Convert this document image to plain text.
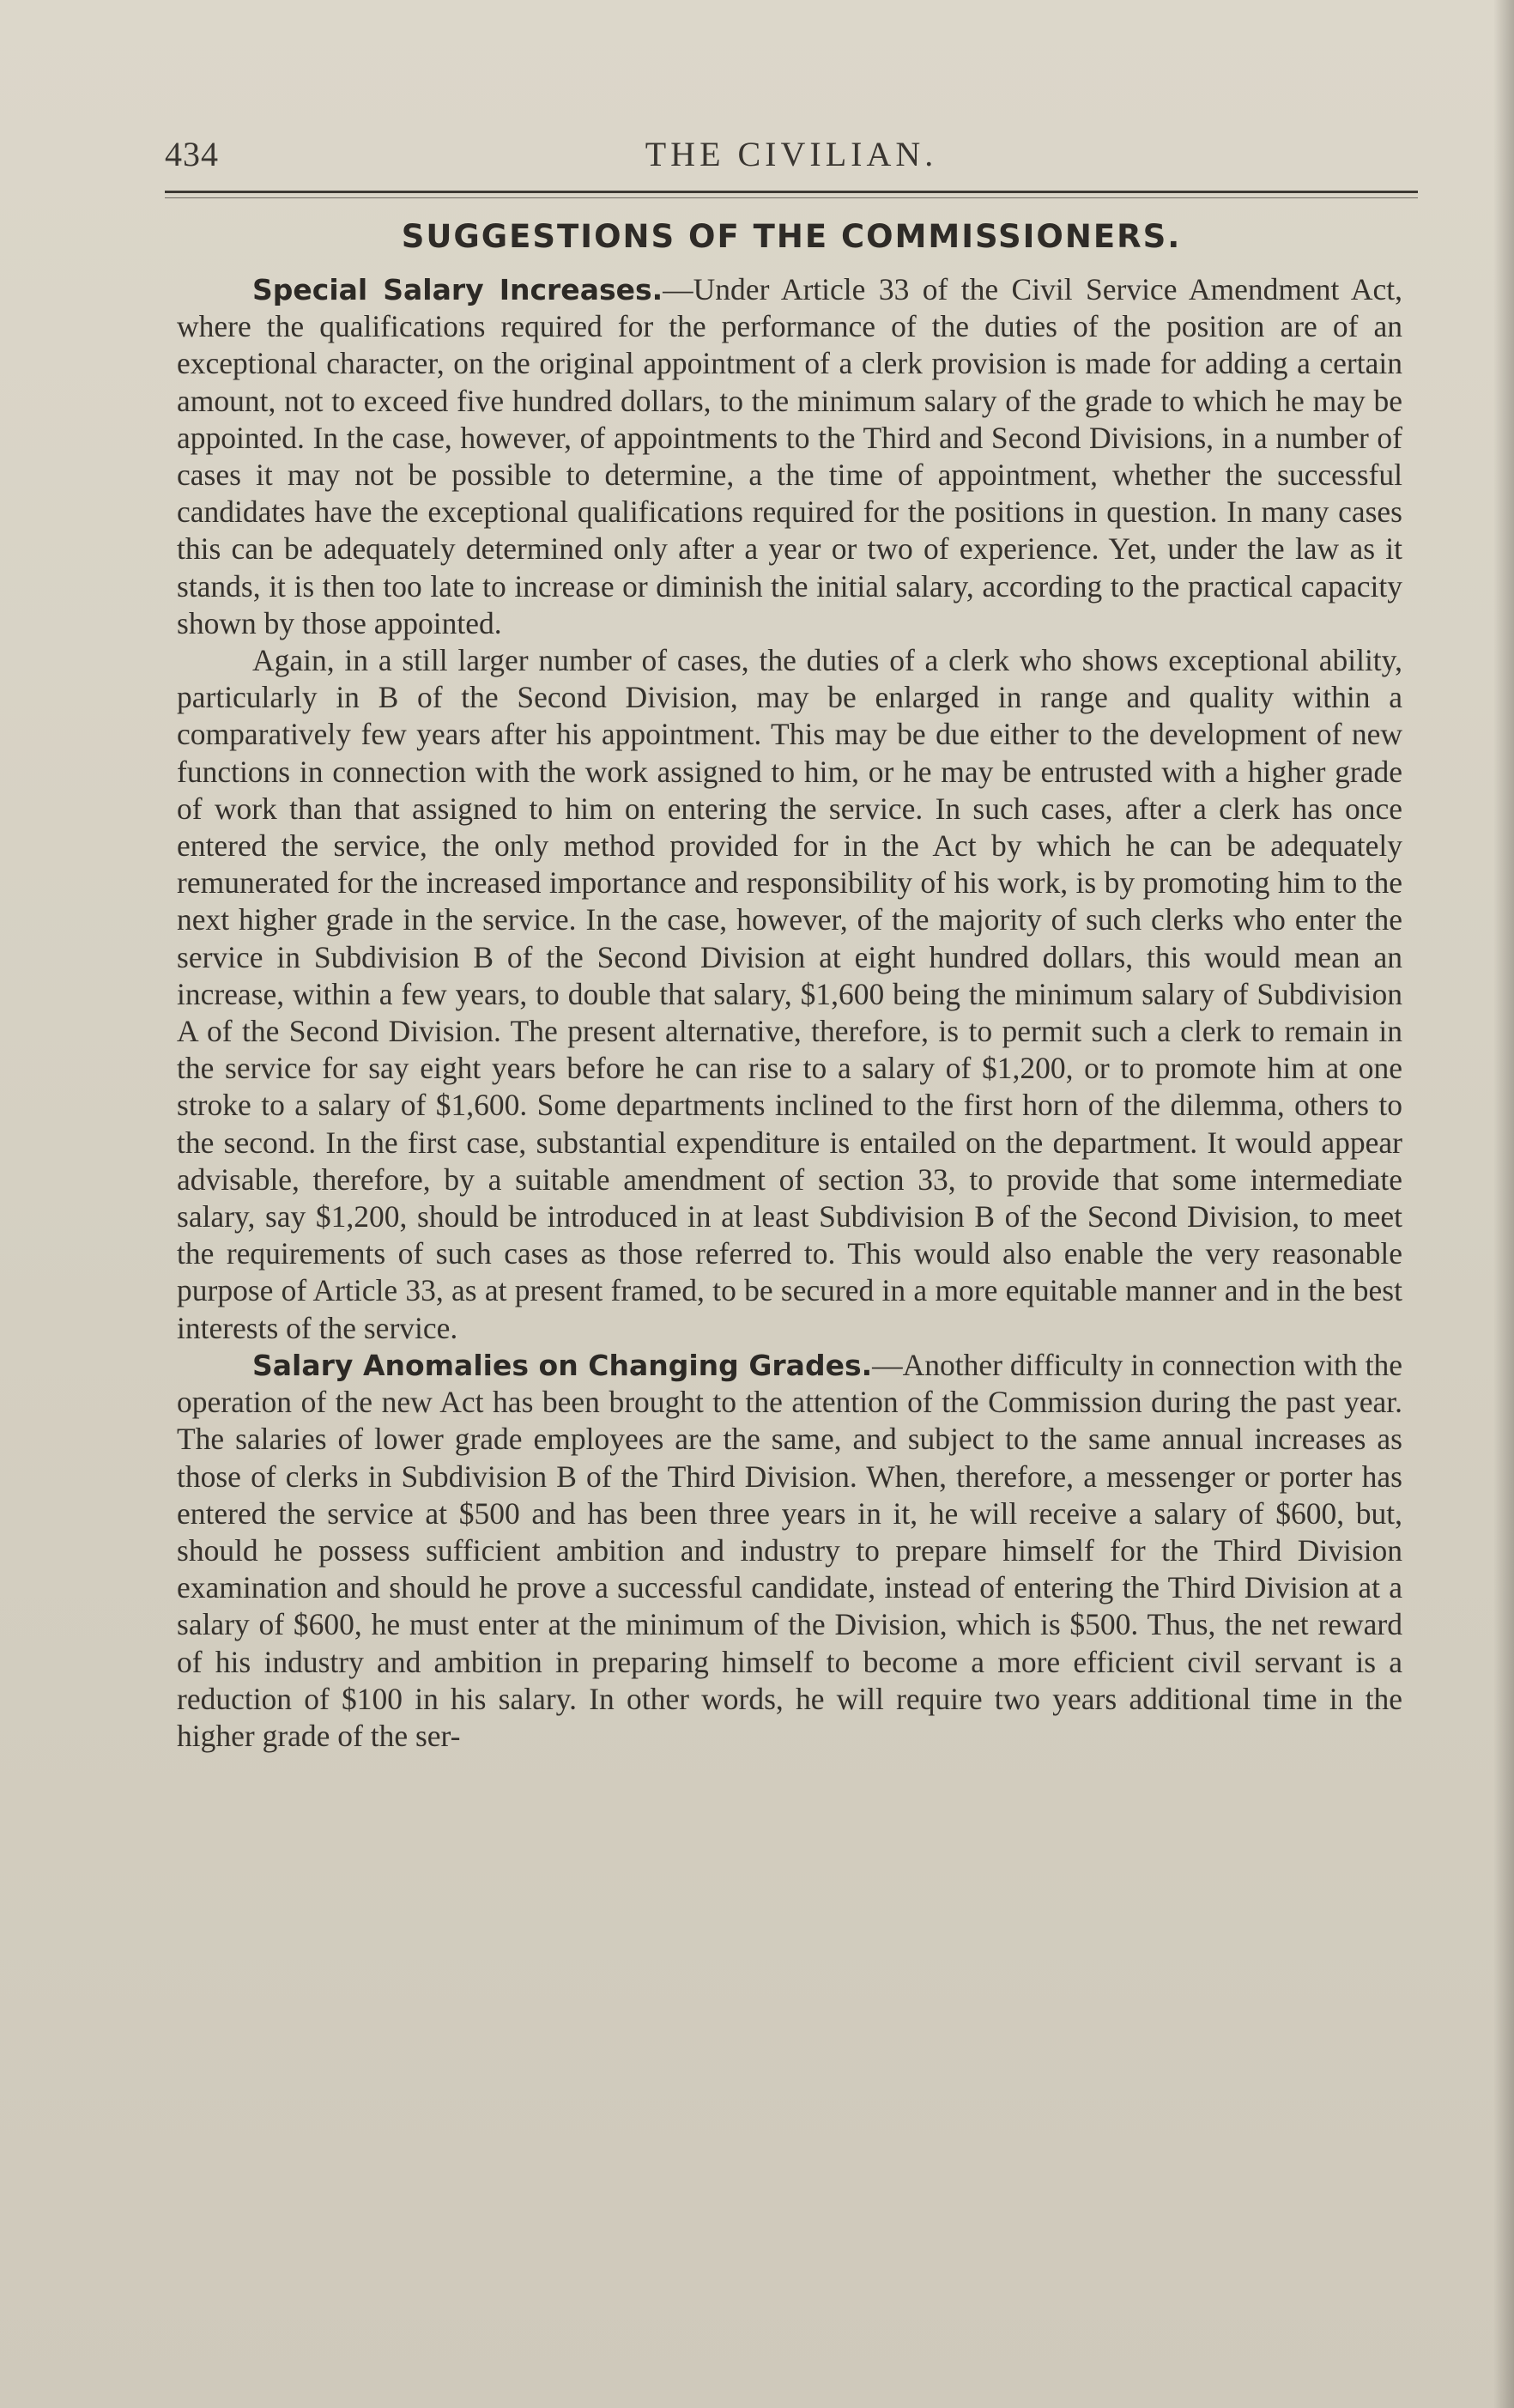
434	THE CIVILIAN.
SUGGESTIONS OF THE COMMISSIONERS.

Special Salary Increases.—Under Article 33 of the Civil Service Amendment Act, where the qualifications required for the performance of the duties of the position are of an exceptional character, on the original appointment of a clerk provision is made for adding a certain amount, not to exceed five hundred dollars, to the minimum salary of the grade to which he may be appointed. In the case, however, of appointments to the Third and Second Divisions, in a number of cases it may not be possible to determine, a the time of appointment, whether the successful candidates have the exceptional qualifications required for the positions in question. In many cases this can be adequately determined only after a year or two of experience. Yet, under the law as it stands, it is then too late to increase or diminish the initial salary, according to the practical capacity shown by those appointed.

Again, in a still larger number of cases, the duties of a clerk who shows exceptional ability, particularly in B of the Second Division, may be enlarged in range and quality within a comparatively few years after his appointment. This may be due either to the development of new functions in connection with the work assigned to him, or he may be entrusted with a higher grade of work than that assigned to him on entering the service. In such cases, after a clerk has once entered the service, the only method provided for in the Act by which he can be adequately remunerated for the increased importance and responsibility of his work, is by promoting him to the next higher grade in the service. In the case, however, of the majority of such clerks who enter the service in Subdivision B of the Second Division at eight hundred dollars, this would mean an increase, within a few years, to double that salary, $1,600 being the minimum salary of Subdivision A of the Second Division. The present alternative, therefore, is to permit such a clerk to remain in the service for say eight years before he can rise to a salary of $1,200, or to promote him at one stroke to a salary of $1,600. Some departments inclined to the first horn of the dilemma, others to the second. In the first case, substantial expenditure is entailed on the department. It would appear advisable, therefore, by a suitable amendment of section 33, to provide that some intermediate salary, say $1,200, should be introduced in at least Subdivision B of the Second Division, to meet the requirements of such cases as those referred to. This would also enable the very reasonable purpose of Article 33, as at present framed, to be secured in a more equitable manner and in the best interests of the service.

Salary Anomalies on Changing Grades.—Another difficulty in connection with the operation of the new Act has been brought to the attention of the Commission during the past year. The salaries of lower grade employees are the same, and subject to the same annual increases as those of clerks in Subdivision B of the Third Division. When, therefore, a messenger or porter has entered the service at $500 and has been three years in it, he will receive a salary of $600, but, should he possess sufficient ambition and industry to prepare himself for the Third Division examination and should he prove a successful candidate, instead of entering the Third Division at a salary of $600, he must enter at the minimum of the Division, which is $500. Thus, the net reward of his industry and ambition in preparing himself to become a more efficient civil servant is a reduction of $100 in his salary. In other words, he will require two years additional time in the higher grade of the ser-
